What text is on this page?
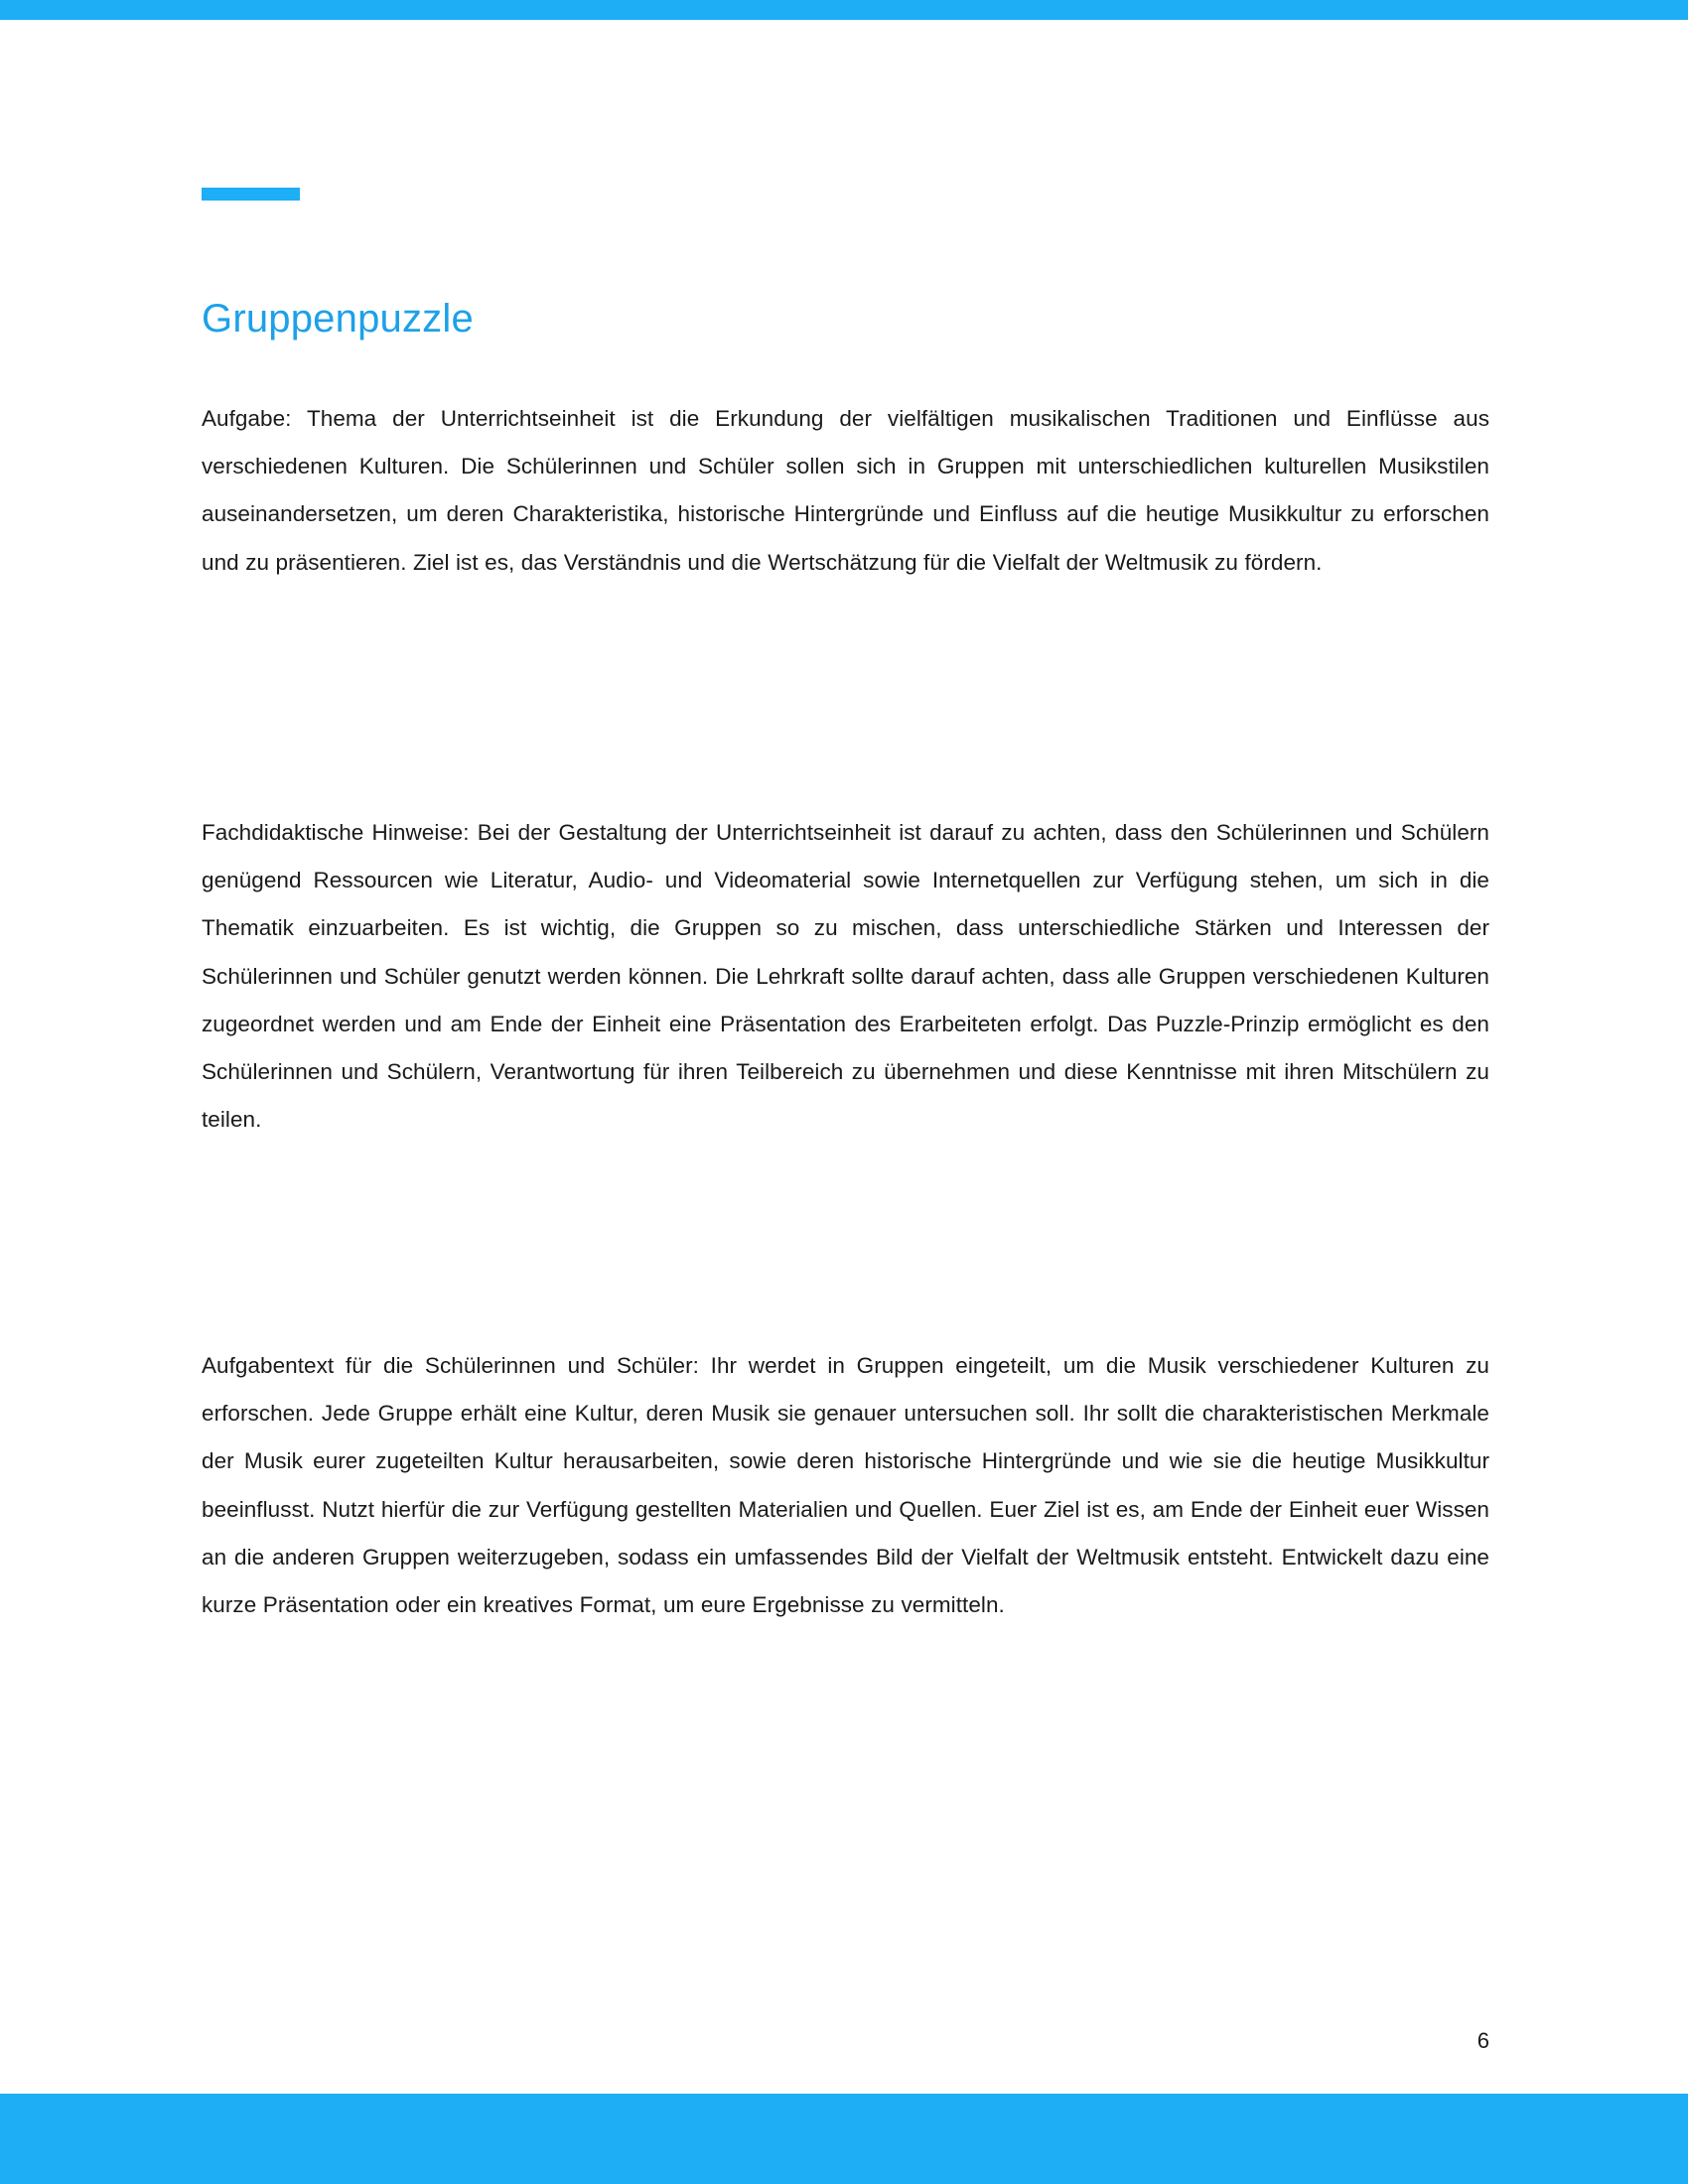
Gruppenpuzzle

Aufgabe: Thema der Unterrichtseinheit ist die Erkundung der vielfältigen musikalischen Traditionen und Einflüsse aus verschiedenen Kulturen. Die Schülerinnen und Schüler sollen sich in Gruppen mit unterschiedlichen kulturellen Musikstilen auseinandersetzen, um deren Charakteristika, historische Hintergründe und Einfluss auf die heutige Musikkultur zu erforschen und zu präsentieren. Ziel ist es, das Verständnis und die Wertschätzung für die Vielfalt der Weltmusik zu fördern.

Fachdidaktische Hinweise: Bei der Gestaltung der Unterrichtseinheit ist darauf zu achten, dass den Schülerinnen und Schülern genügend Ressourcen wie Literatur, Audio- und Videomaterial sowie Internetquellen zur Verfügung stehen, um sich in die Thematik einzuarbeiten. Es ist wichtig, die Gruppen so zu mischen, dass unterschiedliche Stärken und Interessen der Schülerinnen und Schüler genutzt werden können. Die Lehrkraft sollte darauf achten, dass alle Gruppen verschiedenen Kulturen zugeordnet werden und am Ende der Einheit eine Präsentation des Erarbeiteten erfolgt. Das Puzzle-Prinzip ermöglicht es den Schülerinnen und Schülern, Verantwortung für ihren Teilbereich zu übernehmen und diese Kenntnisse mit ihren Mitschülern zu teilen.

Aufgabentext für die Schülerinnen und Schüler: Ihr werdet in Gruppen eingeteilt, um die Musik verschiedener Kulturen zu erforschen. Jede Gruppe erhält eine Kultur, deren Musik sie genauer untersuchen soll. Ihr sollt die charakteristischen Merkmale der Musik eurer zugeteilten Kultur herausarbeiten, sowie deren historische Hintergründe und wie sie die heutige Musikkultur beeinflusst. Nutzt hierfür die zur Verfügung gestellten Materialien und Quellen. Euer Ziel ist es, am Ende der Einheit euer Wissen an die anderen Gruppen weiterzugeben, sodass ein umfassendes Bild der Vielfalt der Weltmusik entsteht. Entwickelt dazu eine kurze Präsentation oder ein kreatives Format, um eure Ergebnisse zu vermitteln.

6
